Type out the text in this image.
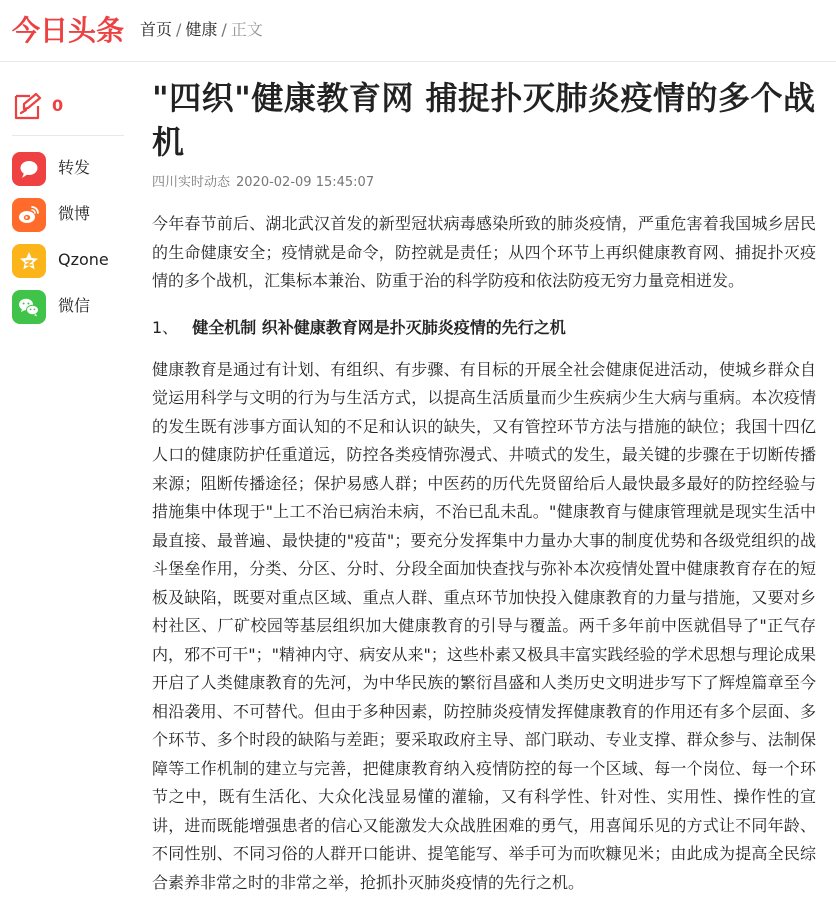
今日头条 首页 / 健康 / 正文
0
转发
微博
Qzone
微信
"四织"健康教育网 捕捉扑灭肺炎疫情的多个战机
四川实时动态 2020-02-09 15:45:07

今年春节前后、湖北武汉首发的新型冠状病毒感染所致的肺炎疫情，严重危害着我国城乡居民的生命健康安全；疫情就是命令，防控就是责任；从四个环节上再织健康教育网、捕捉扑灭疫情的多个战机，汇集标本兼治、防重于治的科学防疫和依法防疫无穷力量竞相迸发。

1、 健全机制 织补健康教育网是扑灭肺炎疫情的先行之机

健康教育是通过有计划、有组织、有步骤、有目标的开展全社会健康促进活动，使城乡群众自觉运用科学与文明的行为与生活方式，以提高生活质量而少生疾病少生大病与重病。本次疫情的发生既有涉事方面认知的不足和认识的缺失，又有管控环节方法与措施的缺位；我国十四亿人口的健康防护任重道远，防控各类疫情弥漫式、井喷式的发生，最关键的步骤在于切断传播来源；阻断传播途径；保护易感人群；中医药的历代先贤留给后人最快最多最好的防控经验与措施集中体现于"上工不治已病治未病，不治已乱未乱。"健康教育与健康管理就是现实生活中最直接、最普遍、最快捷的"疫苗"；要充分发挥集中力量办大事的制度优势和各级党组织的战斗堡垒作用，分类、分区、分时、分段全面加快查找与弥补本次疫情处置中健康教育存在的短板及缺陷，既要对重点区域、重点人群、重点环节加快投入健康教育的力量与措施，又要对乡村社区、厂矿校园等基层组织加大健康教育的引导与覆盖。两千多年前中医就倡导了"正气存内，邪不可干"；"精神内守、病安从来"；这些朴素又极具丰富实践经验的学术思想与理论成果开启了人类健康教育的先河，为中华民族的繁衍昌盛和人类历史文明进步写下了辉煌篇章至今相沿袭用、不可替代。但由于多种因素，防控肺炎疫情发挥健康教育的作用还有多个层面、多个环节、多个时段的缺陷与差距；要采取政府主导、部门联动、专业支撑、群众参与、法制保障等工作机制的建立与完善，把健康教育纳入疫情防控的每一个区域、每一个岗位、每一个环节之中，既有生活化、大众化浅显易懂的灌输，又有科学性、针对性、实用性、操作性的宣讲，进而既能增强患者的信心又能激发大众战胜困难的勇气，用喜闻乐见的方式让不同年龄、不同性别、不同习俗的人群开口能讲、提笔能写、举手可为而吹糠见米；由此成为提高全民综合素养非常之时的非常之举，抢抓扑灭肺炎疫情的先行之机。
